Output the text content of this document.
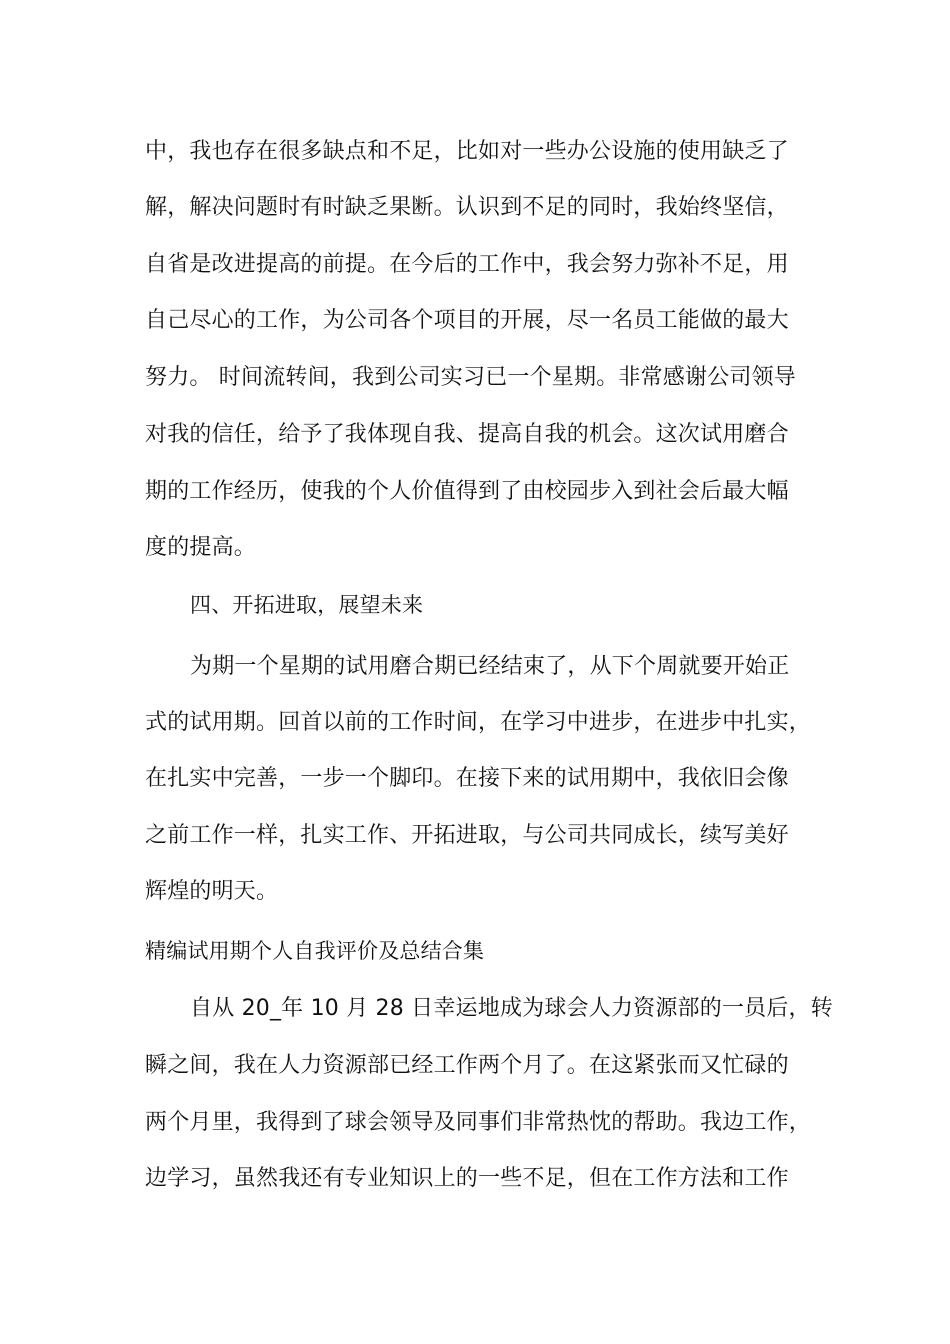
中，我也存在很多缺点和不足，比如对一些办公设施的使用缺乏了
解，解决问题时有时缺乏果断。认识到不足的同时，我始终坚信，
自省是改进提高的前提。在今后的工作中，我会努力弥补不足，用
自己尽心的工作，为公司各个项目的开展，尽一名员工能做的最大
努力。 时间流转间，我到公司实习已一个星期。非常感谢公司领导
对我的信任，给予了我体现自我、提高自我的机会。这次试用磨合
期的工作经历，使我的个人价值得到了由校园步入到社会后最大幅
度的提高。
四、开拓进取，展望未来
为期一个星期的试用磨合期已经结束了，从下个周就要开始正
式的试用期。回首以前的工作时间，在学习中进步，在进步中扎实，
在扎实中完善，一步一个脚印。在接下来的试用期中，我依旧会像
之前工作一样，扎实工作、开拓进取，与公司共同成长，续写美好
辉煌的明天。
精编试用期个人自我评价及总结合集
自从 20_年 10 月 28 日幸运地成为球会人力资源部的一员后，转
瞬之间，我在人力资源部已经工作两个月了。在这紧张而又忙碌的
两个月里，我得到了球会领导及同事们非常热忱的帮助。我边工作，
边学习，虽然我还有专业知识上的一些不足，但在工作方法和工作
